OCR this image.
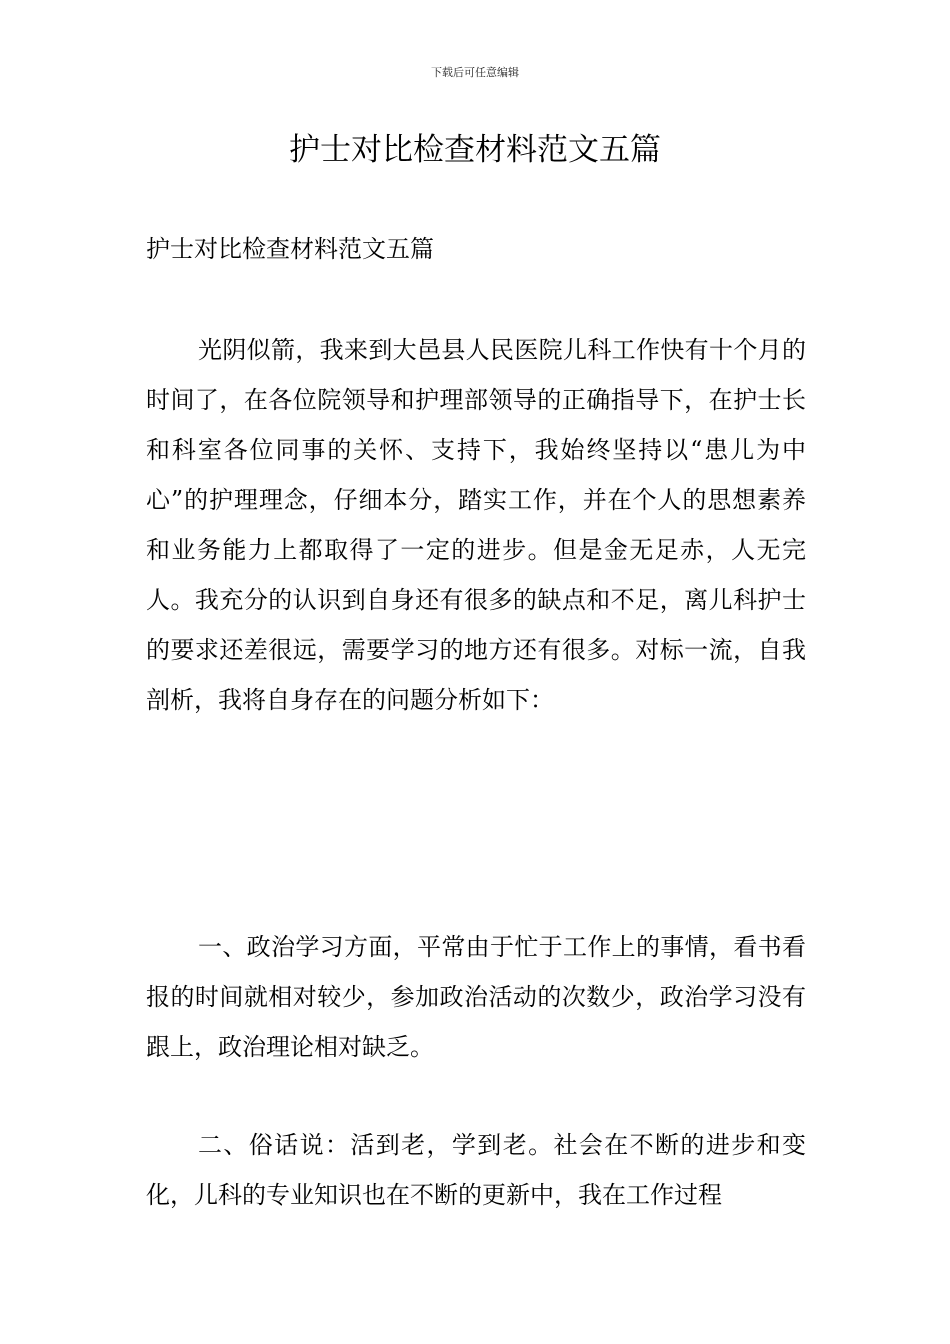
下载后可任意编辑
护士对比检查材料范文五篇

护士对比检查材料范文五篇

光阴似箭，我来到大邑县人民医院儿科工作快有十个月的时间了，在各位院领导和护理部领导的正确指导下，在护士长和科室各位同事的关怀、支持下，我始终坚持以“患儿为中心”的护理理念，仔细本分，踏实工作，并在个人的思想素养和业务能力上都取得了一定的进步。但是金无足赤，人无完人。我充分的认识到自身还有很多的缺点和不足，离儿科护士的要求还差很远，需要学习的地方还有很多。对标一流，自我剖析，我将自身存在的问题分析如下：

一、政治学习方面，平常由于忙于工作上的事情，看书看报的时间就相对较少，参加政治活动的次数少，政治学习没有跟上，政治理论相对缺乏。

二、俗话说：活到老，学到老。社会在不断的进步和变化，儿科的专业知识也在不断的更新中，我在工作过程
